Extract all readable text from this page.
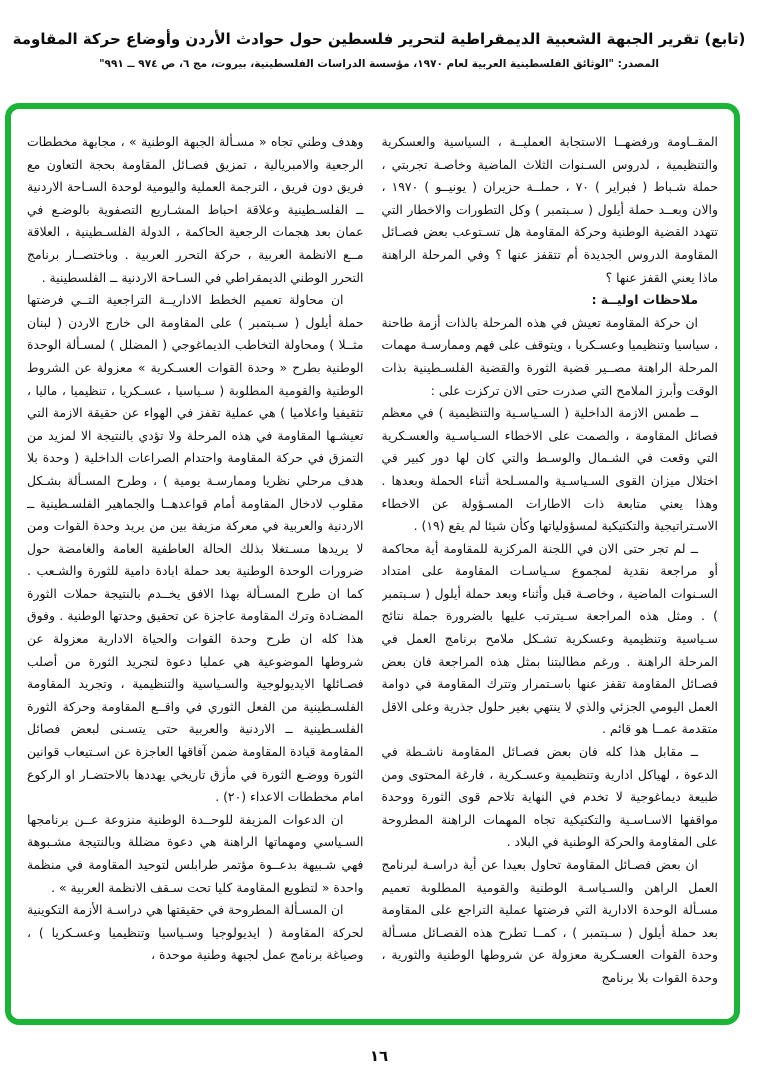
(تابع) تقرير الجبهة الشعبية الديمقراطية لتحرير فلسطين حول حوادث الأردن وأوضاع حركة المقاومة
المصدر: "الوثائق الفلسطينية العربية لعام ١٩٧٠، مؤسسة الدراسات الفلسطينية، بيروت، مج ٦، ص ٩٧٤ ــ ٩٩١"
المقــاومة ورفضهــا الاستجابة العمليــة ، السياسية والعسكرية والتنظيمية ، لدروس السـنوات الثلاث الماضية وخاصـة تجربتي ، حملة شـباط ( فبراير ) ٧٠ ، حملــة حزيران ( يونيــو ) ١٩٧٠ ، والان وبعــد حملة أيلول ( سـبتمبر ) وكل التطورات والاخطار التي تتهدد القضية الوطنية وحركة المقاومة هل تسـتوعب بعض فصـائل المقاومة الدروس الجديدة أم تتقفز عنها ؟ وفي المرحلة الراهنة ماذا يعني القفز عنها ؟
ملاحظات اوليــة :
ان حركة المقاومة تعيش في هذه المرحلة بالذات أزمة طاحنة ، سياسيا وتنظيميا وعسـكريا ، ويتوقف على فهم وممارسـة مهمات المرحلة الراهنة مصــير قضية الثورة والقضية الفلسـطينية بذات الوقت وأبرز الملامح التي صدرت حتى الان تركزت على :
ــ طمس الازمة الداخلية ( السـياسـية والتنظيمية ) في معظم فصائل المقاومة ، والصمت على الاخطاء السـياسـية والعسـكرية التي وقعت في الشـمال والوسـط والتي كان لها دور كبير في اختلال ميزان القوى السـياسـية والمسـلحة أثناء الحملة وبعدها . وهذا يعني متابعة ذات الاطارات المسـؤولة عن الاخطاء الاسـتراتيجية والتكتيكية لمسؤولياتها وكأن شيئا لم يقع (١٩) .
ــ لم تجر حتى الان في اللجنة المركزية للمقاومة أية محاكمة أو مراجعة نقدية لمجموع سـياسـات المقاومة على امتداد السـنوات الماضية ، وخاصـة قبل وأثناء وبعد حملة أيلول ( سـبتمبر ) . ومثل هذه المراجعة سـيترتب عليها بالضرورة جملة نتائج سـياسية وتنظيمية وعسكرية تشـكل ملامح برنامج العمل في المرحلة الراهنة . ورغم مطالبتنا بمثل هذه المراجعة فان بعض فصـائل المقاومة تقفز عنها باسـتمرار وتترك المقاومة في دوامة العمل اليومي الجزئي والذي لا ينتهي بغير حلول جذرية وعلى الاقل متقدمة عمــا هو قائم .
ــ مقابل هذا كله فان بعض فصـائل المقاومة ناشـطة في الدعوة ، لهياكل ادارية وتنظيمية وعسـكرية ، فارغة المحتوى ومن طبيعة ديماغوجية لا تخدم في النهاية تلاحم قوى الثورة ووحدة مواقفها الاسـاسـية والتكتيكية تجاه المهمات الراهنة المطروحة على المقاومة والحركة الوطنية في البلاد .
ان بعض فصـائل المقاومة تحاول بعيدا عن أية دراسـة لبرنامج العمل الراهن والسـياسـة الوطنية والقومية المطلوبة تعميم مسـألة الوحدة الادارية التي فرضتها عملية التراجع على المقاومة بعد حملة أيلول ( سـبتمبر ) ، كمــا تطرح هذه الفصـائل مسـألة وحدة القوات العسـكرية معزولة عن شروطها الوطنية والثورية ، وحدة القوات بلا برنامج
وهدف وطني تجاه « مسـألة الجبهة الوطنية » ، مجابهة مخططات الرجعية والامبريالية ، تمزيق فصـائل المقاومة بحجة التعاون مع فريق دون فريق ، الترجمة العملية واليومية لوحدة السـاحة الاردنية ــ الفلسـطينية وعلاقة احباط المشـاريع التصفوية بالوضـع في عمان بعد هجمات الرجعية الحاكمة ، الدولة الفلسـطينية ، العلاقة مــع الانظمة العربية ، حركة التحرر العربية . وباختصــار برنامج التحرر الوطني الديمقراطي في السـاحة الاردنية ــ الفلسطينية .
ان محاولة تعميم الخطط الاداريــة التراجعية التــي فرضتها حملة أيلول ( سـبتمبر ) على المقاومة الى خارج الاردن ( لبنان مثــلا ) ومحاولة التخاطب الديماغوجي ( المضلل ) لمسـألة الوحدة الوطنية بطرح « وحدة القوات العسـكرية » معزولة عن الشروط الوطنية والقومية المطلوبة ( سـياسيا ، عسـكريا ، تنظيميا ، ماليا ، تثقيفيا واعلاميا ) هي عملية تقفز في الهواء عن حقيقة الازمة التي تعيشـها المقاومة في هذه المرحلة ولا تؤدي بالنتيجة الا لمزيد من التمزق في حركة المقاومة واحتدام الصراعات الداخلية ( وحدة بلا هدف مرحلي نظريا وممارسـة يومية ) ، وطرح المسـألة بشـكل مقلوب لادخال المقاومة أمام قواعدهــا والجماهير الفلسـطينية ــ الاردنية والعربية في معركة مزيفة بين من يريد وحدة القوات ومن لا يريدها مسـتغلا بذلك الحالة العاطفية العامة والغامضة حول ضرورات الوحدة الوطنية بعد حملة ابادة دامية للثورة والشـعب . كما ان طرح المسـألة بهذا الافق يخــدم بالنتيجة حملات الثورة المضـادة وترك المقاومة عاجزة عن تحقيق وحدتها الوطنية . وفوق هذا كله ان طرح وحدة القوات والحياة الادارية معزولة عن شروطها الموضوعية هي عمليا دعوة لتجريد الثورة من أصلب فصـائلها الايديولوجية والسـياسية والتنظيمية ، وتجريد المقاومة الفلسـطينية من الفعل الثوري في واقــع المقاومة وحركة الثورة الفلسـطينية ــ الاردنية والعربية حتى يتسـنى لبعض فصائل المقاومة قيادة المقاومة ضمن آفاقها العاجزة عن اسـتيعاب قوانين الثورة ووضـع الثورة في مأزق تاريخي يهددها بالاحتضـار او الركوع امام مخططات الاعداء (٢٠) .
ان الدعوات المزيفة للوحــدة الوطنية منزوعة عــن برنامجها السـياسي ومهماتها الراهنة هي دعوة مضللة وبالنتيجة مشـبوهة فهي شـبيهة بدعــوة مؤتمر طرابلس لتوحيد المقاومة في منظمة واحدة « لتطويع المقاومة كليا تحت سـقف الانظمة العربية » .
ان المسـألة المطروحة في حقيقتها هي دراسـة الأزمة التكوينية لحركة المقاومة ( ايديولوجيا وسـياسيا وتنظيميا وعسـكريا ) ، وصياغة برنامج عمل لجبهة وطنية موحدة ،
١٦
